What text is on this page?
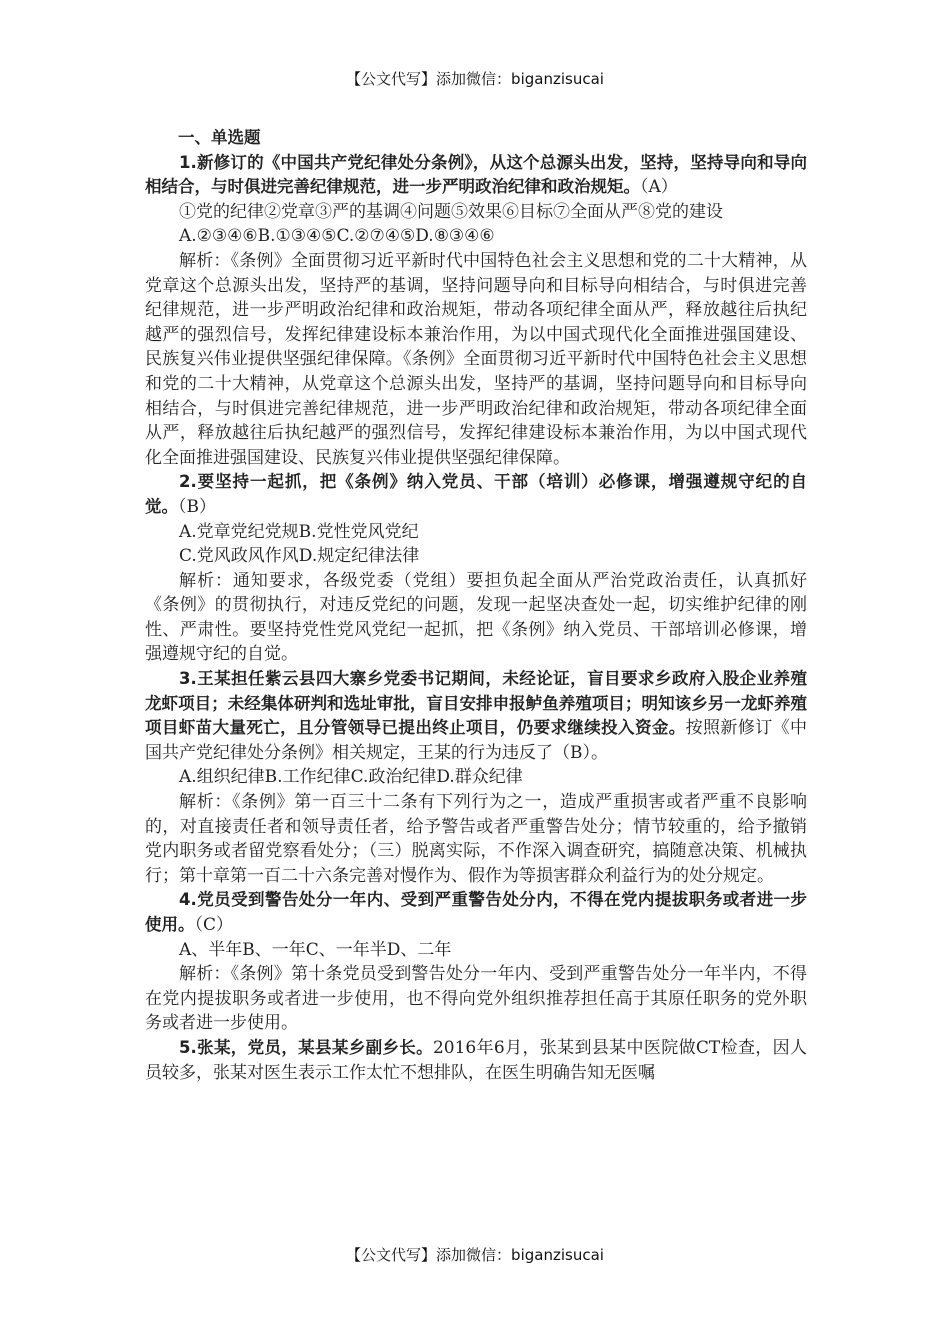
【公文代写】添加微信：biganzisucai

一、单选题

1.新修订的《中国共产党纪律处分条例》，从这个总源头出发，坚持，坚持导向和导向相结合，与时俱进完善纪律规范，进一步严明政治纪律和政治规矩。（A）

①党的纪律②党章③严的基调④问题⑤效果⑥目标⑦全面从严⑧党的建设

A.②③④⑥B.①③④⑤C.②⑦④⑤D.⑧③④⑥

解析：《条例》全面贯彻习近平新时代中国特色社会主义思想和党的二十大精神，从党章这个总源头出发，坚持严的基调，坚持问题导向和目标导向相结合，与时俱进完善纪律规范，进一步严明政治纪律和政治规矩，带动各项纪律全面从严，释放越往后执纪越严的强烈信号，发挥纪律建设标本兼治作用，为以中国式现代化全面推进强国建设、民族复兴伟业提供坚强纪律保障。《条例》全面贯彻习近平新时代中国特色社会主义思想和党的二十大精神，从党章这个总源头出发，坚持严的基调，坚持问题导向和目标导向相结合，与时俱进完善纪律规范，进一步严明政治纪律和政治规矩，带动各项纪律全面从严，释放越往后执纪越严的强烈信号，发挥纪律建设标本兼治作用，为以中国式现代化全面推进强国建设、民族复兴伟业提供坚强纪律保障。

2.要坚持一起抓，把《条例》纳入党员、干部（培训）必修课，增强遵规守纪的自觉。（B）

A.党章党纪党规B.党性党风党纪

C.党风政风作风D.规定纪律法律

解析：通知要求，各级党委（党组）要担负起全面从严治党政治责任，认真抓好《条例》的贯彻执行，对违反党纪的问题，发现一起坚决查处一起，切实维护纪律的刚性、严肃性。要坚持党性党风党纪一起抓，把《条例》纳入党员、干部培训必修课，增强遵规守纪的自觉。

3.王某担任紫云县四大寨乡党委书记期间，未经论证，盲目要求乡政府入股企业养殖龙虾项目；未经集体研判和选址审批，盲目安排申报鲈鱼养殖项目；明知该乡另一龙虾养殖项目虾苗大量死亡，且分管领导已提出终止项目，仍要求继续投入资金。按照新修订《中国共产党纪律处分条例》相关规定，王某的行为违反了（B）。

A.组织纪律B.工作纪律C.政治纪律D.群众纪律

解析：《条例》第一百三十二条有下列行为之一，造成严重损害或者严重不良影响的，对直接责任者和领导责任者，给予警告或者严重警告处分；情节较重的，给予撤销党内职务或者留党察看处分；（三）脱离实际，不作深入调查研究，搞随意决策、机械执行；第十章第一百二十六条完善对慢作为、假作为等损害群众利益行为的处分规定。

4.党员受到警告处分一年内、受到严重警告处分内，不得在党内提拔职务或者进一步使用。（C）

A、半年B、一年C、一年半D、二年

解析：《条例》第十条党员受到警告处分一年内、受到严重警告处分一年半内，不得在党内提拔职务或者进一步使用，也不得向党外组织推荐担任高于其原任职务的党外职务或者进一步使用。

5.张某，党员，某县某乡副乡长。2016年6月，张某到县某中医院做CT检查，因人员较多，张某对医生表示工作太忙不想排队，在医生明确告知无医嘱

【公文代写】添加微信：biganzisucai
